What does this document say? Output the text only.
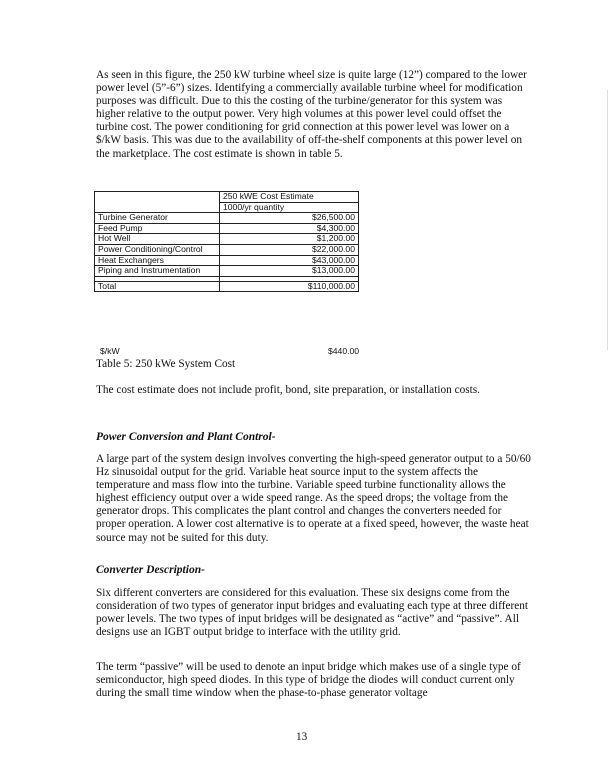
As seen in this figure, the 250 kW turbine wheel size is quite large (12”) compared to the lower power level (5”-6”) sizes. Identifying a commercially available turbine wheel for modification purposes was difficult. Due to this the costing of the turbine/generator for this system was higher relative to the output power. Very high volumes at this power level could offset the turbine cost. The power conditioning for grid connection at this power level was lower on a $/kW basis. This was due to the availability of off-the-shelf components at this power level on the marketplace. The cost estimate is shown in table 5.

	250 kWE Cost Estimate
	1000/yr quantity
Turbine Generator	$26,500.00
Feed Pump	$4,300.00
Hot Well	$1,200.00
Power Conditioning/Control	$22,000.00
Heat Exchangers	$43,000.00
Piping and Instrumentation	$13,000.00

Total	$110,000.00
$/kW	$440.00
Table 5: 250 kWe System Cost

The cost estimate does not include profit, bond, site preparation, or installation costs.

Power Conversion and Plant Control-

A large part of the system design involves converting the high-speed generator output to a 50/60 Hz sinusoidal output for the grid. Variable heat source input to the system affects the temperature and mass flow into the turbine. Variable speed turbine functionality allows the highest efficiency output over a wide speed range. As the speed drops; the voltage from the generator drops. This complicates the plant control and changes the converters needed for proper operation. A lower cost alternative is to operate at a fixed speed, however, the waste heat source may not be suited for this duty.

Converter Description-

Six different converters are considered for this evaluation. These six designs come from the consideration of two types of generator input bridges and evaluating each type at three different power levels. The two types of input bridges will be designated as “active” and “passive”. All designs use an IGBT output bridge to interface with the utility grid.

The term “passive” will be used to denote an input bridge which makes use of a single type of semiconductor, high speed diodes. In this type of bridge the diodes will conduct current only during the small time window when the phase-to-phase generator voltage

13
